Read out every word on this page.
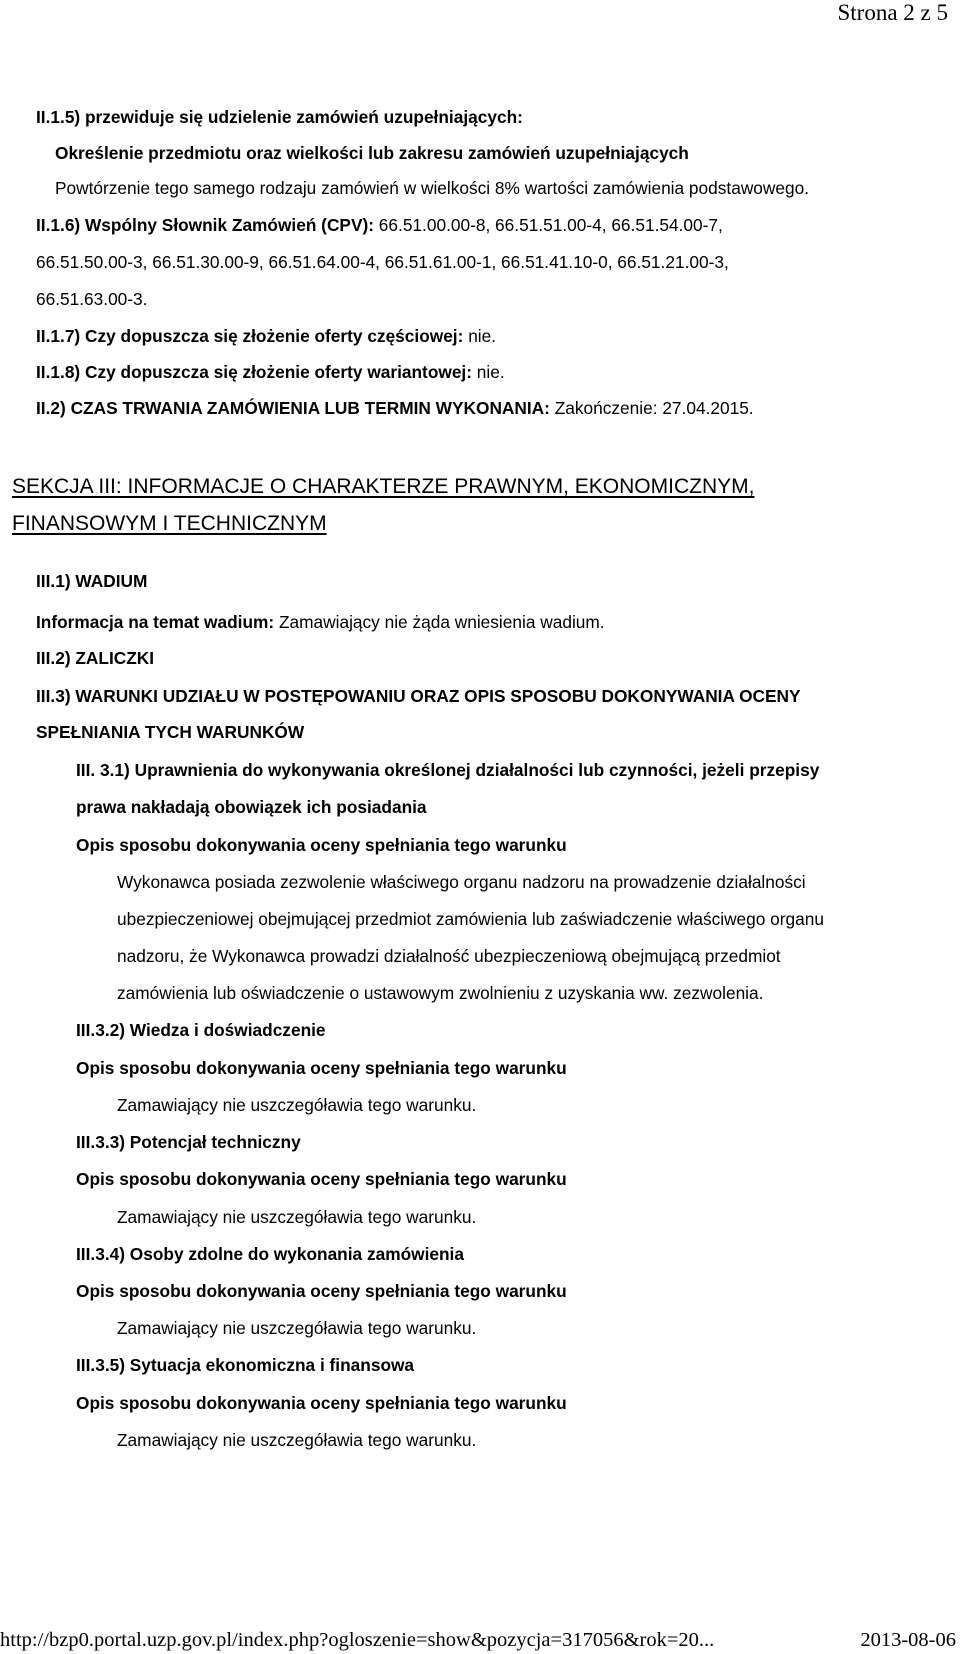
Strona 2 z 5
II.1.5) przewiduje się udzielenie zamówień uzupełniających:
Określenie przedmiotu oraz wielkości lub zakresu zamówień uzupełniających
Powtórzenie tego samego rodzaju zamówień w wielkości 8% wartości zamówienia podstawowego.
II.1.6) Wspólny Słownik Zamówień (CPV): 66.51.00.00-8, 66.51.51.00-4, 66.51.54.00-7,
66.51.50.00-3, 66.51.30.00-9, 66.51.64.00-4, 66.51.61.00-1, 66.51.41.10-0, 66.51.21.00-3,
66.51.63.00-3.
II.1.7) Czy dopuszcza się złożenie oferty częściowej: nie.
II.1.8) Czy dopuszcza się złożenie oferty wariantowej: nie.
II.2) CZAS TRWANIA ZAMÓWIENIA LUB TERMIN WYKONANIA: Zakończenie: 27.04.2015.
SEKCJA III: INFORMACJE O CHARAKTERZE PRAWNYM, EKONOMICZNYM,
FINANSOWYM I TECHNICZNYM
III.1) WADIUM
Informacja na temat wadium: Zamawiający nie żąda wniesienia wadium.
III.2) ZALICZKI
III.3) WARUNKI UDZIAŁU W POSTĘPOWANIU ORAZ OPIS SPOSOBU DOKONYWANIA OCENY
SPEŁNIANIA TYCH WARUNKÓW
III. 3.1) Uprawnienia do wykonywania określonej działalności lub czynności, jeżeli przepisy
prawa nakładają obowiązek ich posiadania
Opis sposobu dokonywania oceny spełniania tego warunku
Wykonawca posiada zezwolenie właściwego organu nadzoru na prowadzenie działalności
ubezpieczeniowej obejmującej przedmiot zamówienia lub zaświadczenie właściwego organu
nadzoru, że Wykonawca prowadzi działalność ubezpieczeniową obejmującą przedmiot
zamówienia lub oświadczenie o ustawowym zwolnieniu z uzyskania ww. zezwolenia.
III.3.2) Wiedza i doświadczenie
Opis sposobu dokonywania oceny spełniania tego warunku
Zamawiający nie uszczegóławia tego warunku.
III.3.3) Potencjał techniczny
Opis sposobu dokonywania oceny spełniania tego warunku
Zamawiający nie uszczegóławia tego warunku.
III.3.4) Osoby zdolne do wykonania zamówienia
Opis sposobu dokonywania oceny spełniania tego warunku
Zamawiający nie uszczegóławia tego warunku.
III.3.5) Sytuacja ekonomiczna i finansowa
Opis sposobu dokonywania oceny spełniania tego warunku
Zamawiający nie uszczegóławia tego warunku.
http://bzp0.portal.uzp.gov.pl/index.php?ogloszenie=show&pozycja=317056&rok=20...	2013-08-06
